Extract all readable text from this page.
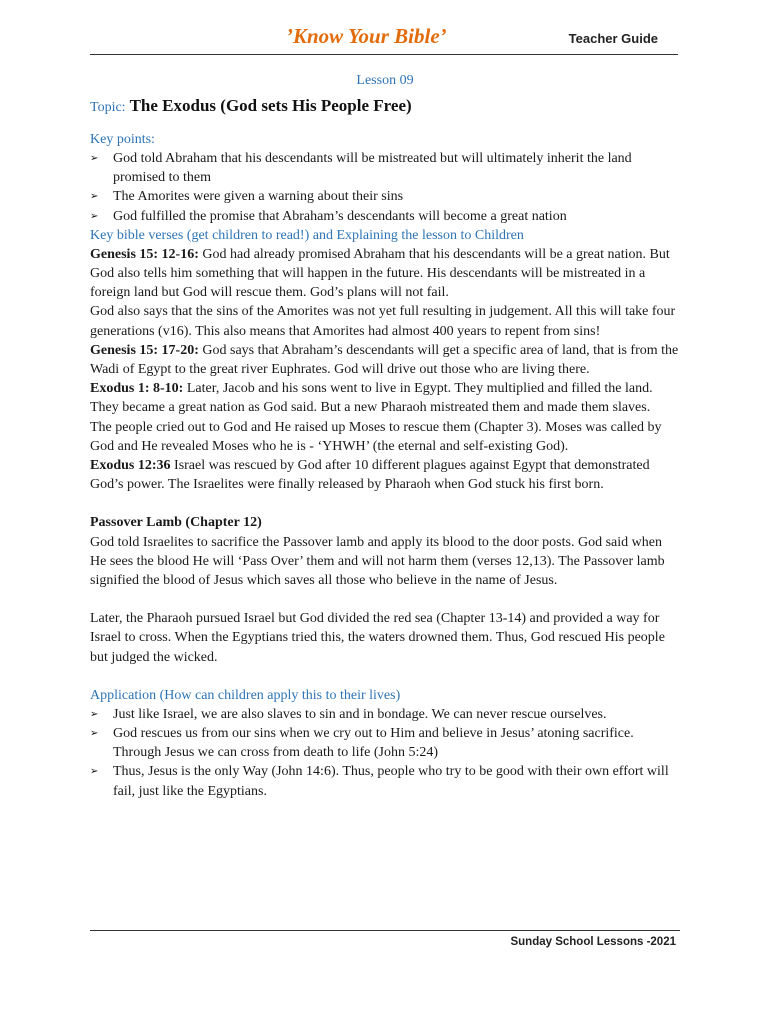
’Know Your Bible’	Teacher Guide

Lesson 09

Topic: The Exodus (God sets His People Free)

Key points:

➢ God told Abraham that his descendants will be mistreated but will ultimately inherit the land promised to them
➢ The Amorites were given a warning about their sins
➢ God fulfilled the promise that Abraham’s descendants will become a great nation

Key bible verses (get children to read!) and Explaining the lesson to Children

Genesis 15: 12-16: God had already promised Abraham that his descendants will be a great nation. But God also tells him something that will happen in the future. His descendants will be mistreated in a foreign land but God will rescue them. God’s plans will not fail.

God also says that the sins of the Amorites was not yet full resulting in judgement. All this will take four generations (v16). This also means that Amorites had almost 400 years to repent from sins!

Genesis 15: 17-20: God says that Abraham’s descendants will get a specific area of land, that is from the Wadi of Egypt to the great river Euphrates. God will drive out those who are living there.

Exodus 1: 8-10: Later, Jacob and his sons went to live in Egypt. They multiplied and filled the land. They became a great nation as God said. But a new Pharaoh mistreated them and made them slaves.

The people cried out to God and He raised up Moses to rescue them (Chapter 3). Moses was called by God and He revealed Moses who he is - ‘YHWH’ (the eternal and self-existing God).

Exodus 12:36 Israel was rescued by God after 10 different plagues against Egypt that demonstrated God’s power. The Israelites were finally released by Pharaoh when God stuck his first born.

Passover Lamb (Chapter 12)

God told Israelites to sacrifice the Passover lamb and apply its blood to the door posts. God said when He sees the blood He will ‘Pass Over’ them and will not harm them (verses 12,13). The Passover lamb signified the blood of Jesus which saves all those who believe in the name of Jesus.

Later, the Pharaoh pursued Israel but God divided the red sea (Chapter 13-14) and provided a way for Israel to cross. When the Egyptians tried this, the waters drowned them. Thus, God rescued His people but judged the wicked.

Application (How can children apply this to their lives)

➢ Just like Israel, we are also slaves to sin and in bondage. We can never rescue ourselves.
➢ God rescues us from our sins when we cry out to Him and believe in Jesus’ atoning sacrifice. Through Jesus we can cross from death to life (John 5:24)
➢ Thus, Jesus is the only Way (John 14:6). Thus, people who try to be good with their own effort will fail, just like the Egyptians.
Sunday School Lessons -2021
